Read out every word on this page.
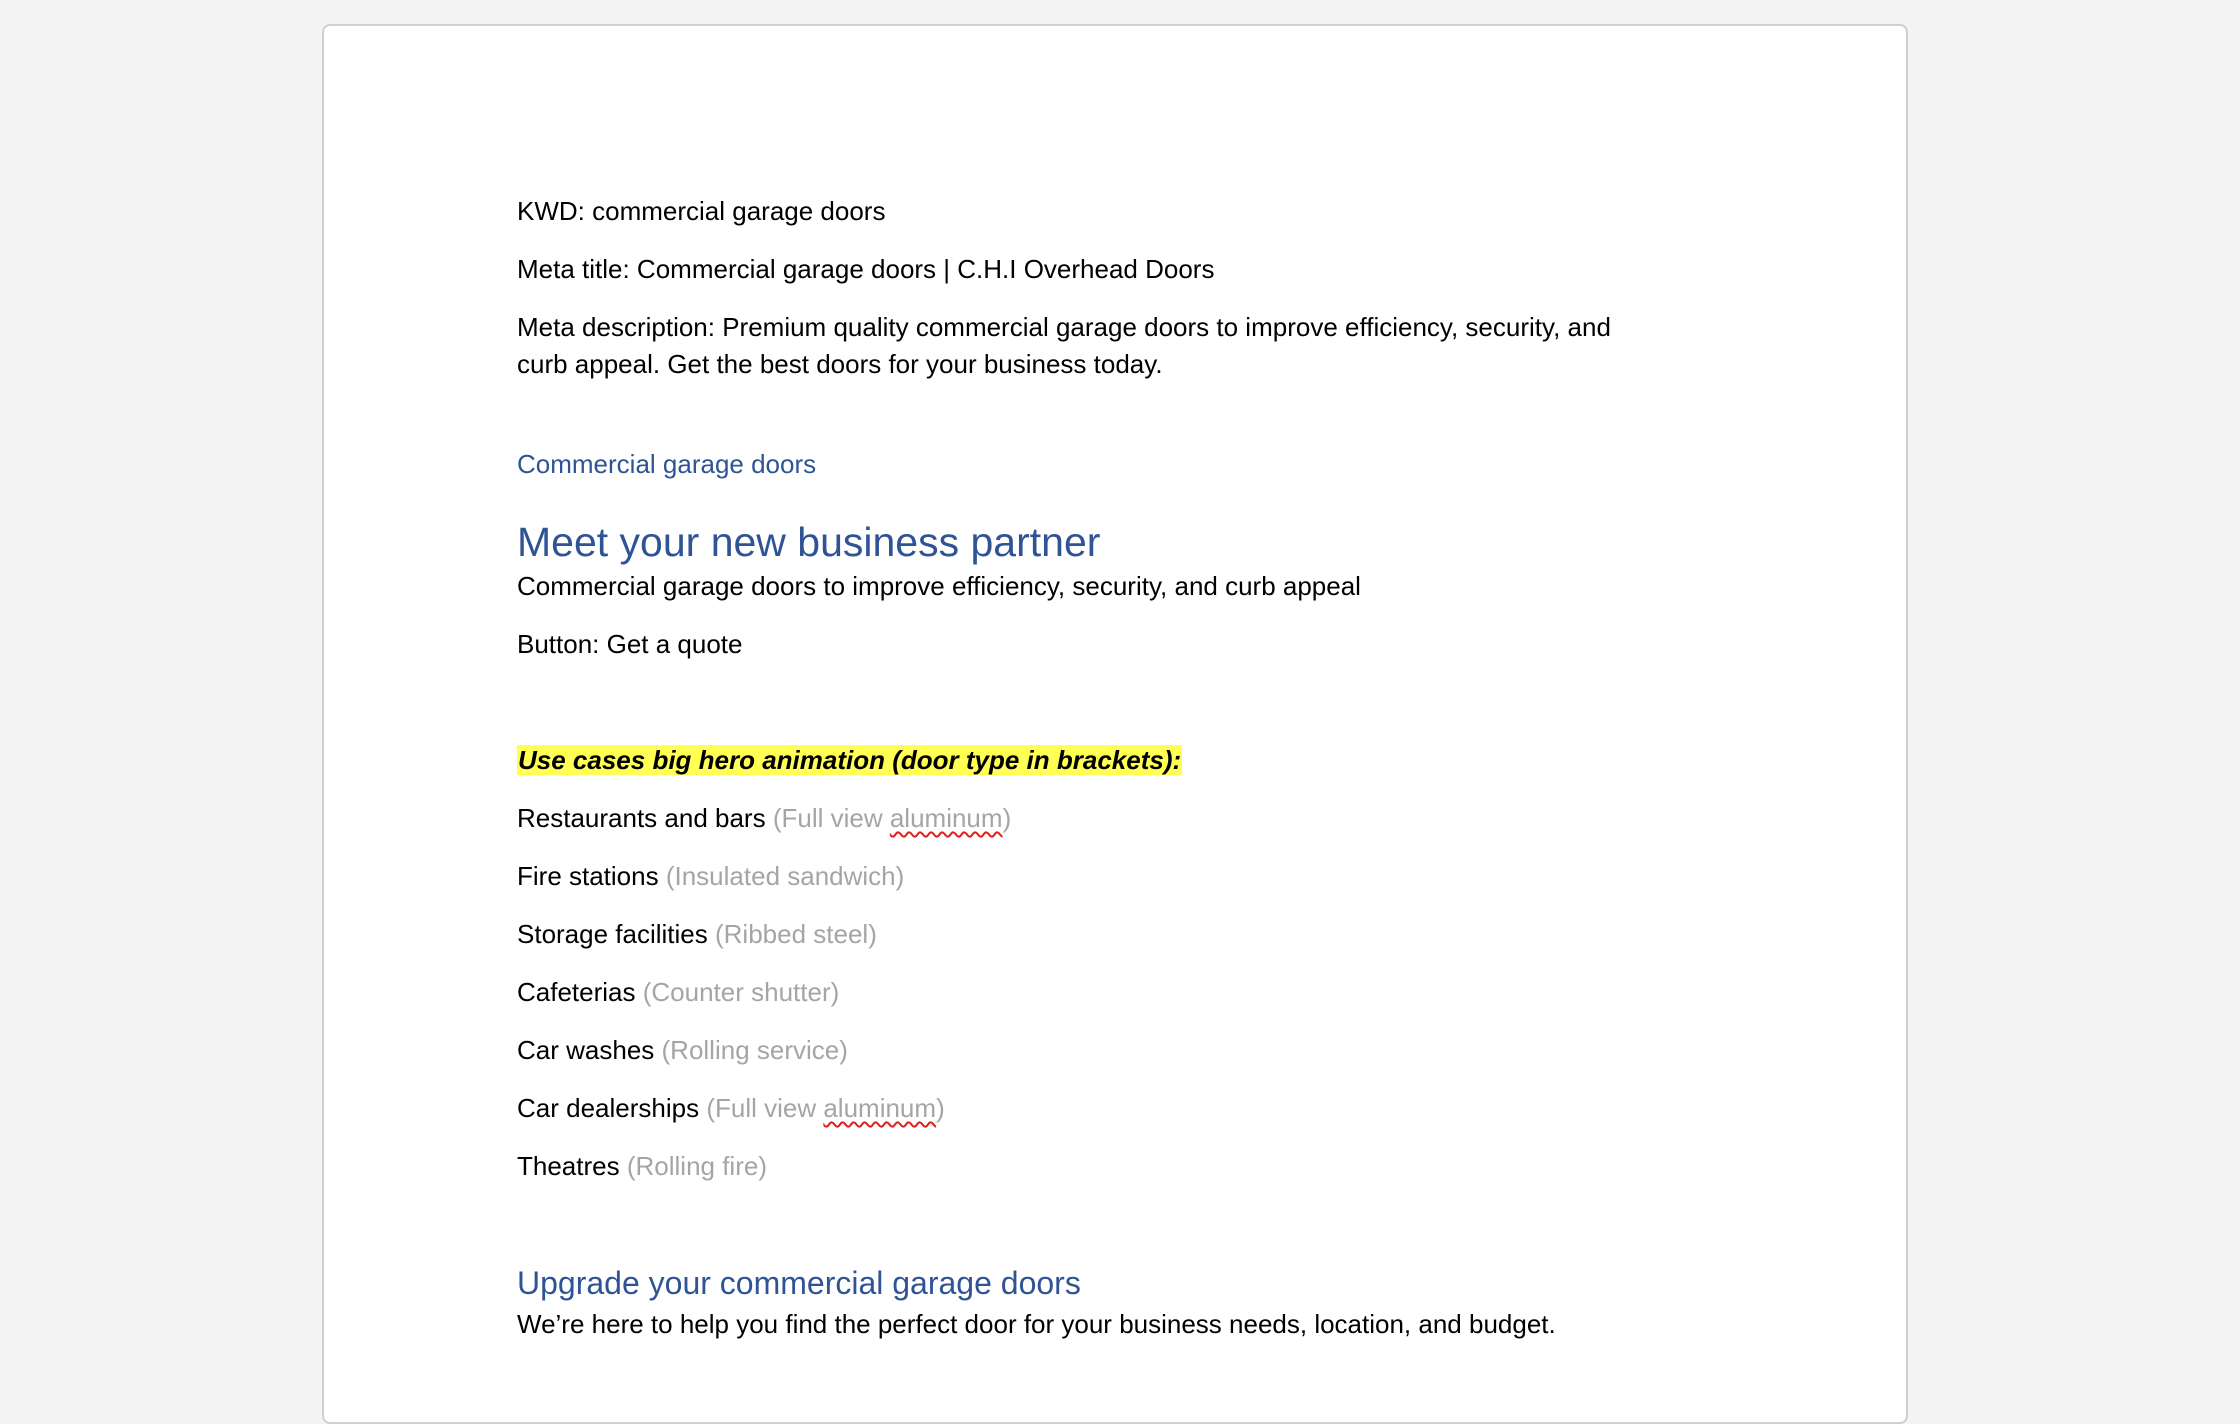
KWD: commercial garage doors

Meta title: Commercial garage doors | C.H.I Overhead Doors

Meta description: Premium quality commercial garage doors to improve efficiency, security, and

curb appeal. Get the best doors for your business today.

Commercial garage doors

Meet your new business partner

Commercial garage doors to improve efficiency, security, and curb appeal

Button: Get a quote

Use cases big hero animation (door type in brackets):

Restaurants and bars (Full view aluminum)

Fire stations (Insulated sandwich)

Storage facilities (Ribbed steel)

Cafeterias (Counter shutter)

Car washes (Rolling service)

Car dealerships (Full view aluminum)

Theatres (Rolling fire)

Upgrade your commercial garage doors

We’re here to help you find the perfect door for your business needs, location, and budget.
